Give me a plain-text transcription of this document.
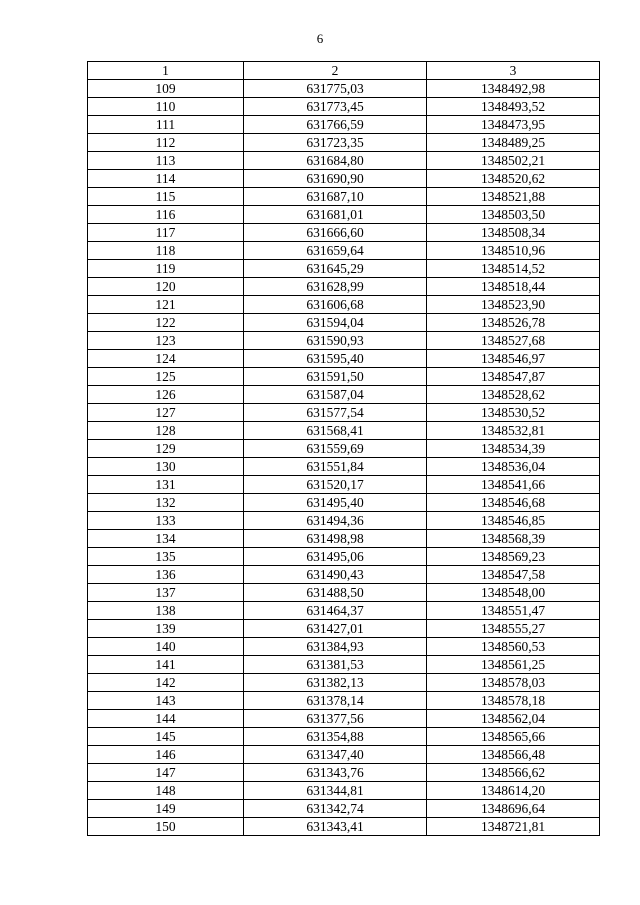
6
1	2	3
109	631775,03	1348492,98
110	631773,45	1348493,52
111	631766,59	1348473,95
112	631723,35	1348489,25
113	631684,80	1348502,21
114	631690,90	1348520,62
115	631687,10	1348521,88
116	631681,01	1348503,50
117	631666,60	1348508,34
118	631659,64	1348510,96
119	631645,29	1348514,52
120	631628,99	1348518,44
121	631606,68	1348523,90
122	631594,04	1348526,78
123	631590,93	1348527,68
124	631595,40	1348546,97
125	631591,50	1348547,87
126	631587,04	1348528,62
127	631577,54	1348530,52
128	631568,41	1348532,81
129	631559,69	1348534,39
130	631551,84	1348536,04
131	631520,17	1348541,66
132	631495,40	1348546,68
133	631494,36	1348546,85
134	631498,98	1348568,39
135	631495,06	1348569,23
136	631490,43	1348547,58
137	631488,50	1348548,00
138	631464,37	1348551,47
139	631427,01	1348555,27
140	631384,93	1348560,53
141	631381,53	1348561,25
142	631382,13	1348578,03
143	631378,14	1348578,18
144	631377,56	1348562,04
145	631354,88	1348565,66
146	631347,40	1348566,48
147	631343,76	1348566,62
148	631344,81	1348614,20
149	631342,74	1348696,64
150	631343,41	1348721,81
